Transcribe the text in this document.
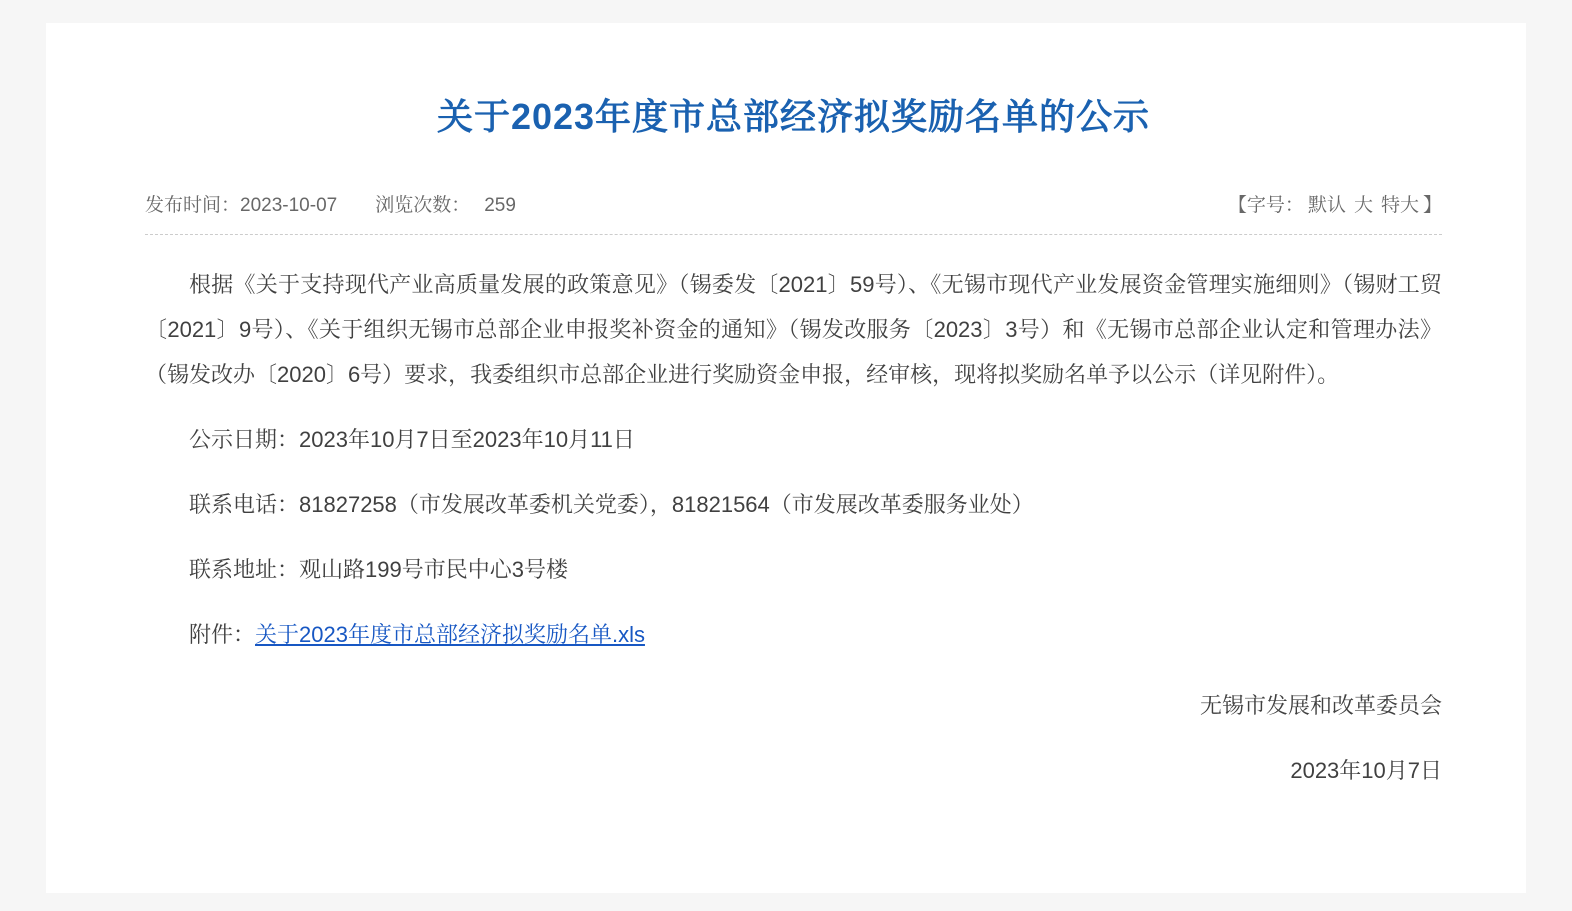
关于2023年度市总部经济拟奖励名单的公示
发布时间：2023-10-07 浏览次数： 259	【字号： 默认 大 特大 】

根据《关于支持现代产业高质量发展的政策意见》（锡委发〔2021〕59号）、《无锡市现代产业发展资金管理实施细则》（锡财工贸〔2021〕9号）、《关于组织无锡市总部企业申报奖补资金的通知》（锡发改服务〔2023〕3号）和《无锡市总部企业认定和管理办法》（锡发改办〔2020〕6号）要求，我委组织市总部企业进行奖励资金申报，经审核，现将拟奖励名单予以公示（详见附件）。

公示日期：2023年10月7日至2023年10月11日

联系电话：81827258（市发展改革委机关党委），81821564（市发展改革委服务业处）

联系地址：观山路199号市民中心3号楼

附件：关于2023年度市总部经济拟奖励名单.xls

无锡市发展和改革委员会
2023年10月7日
